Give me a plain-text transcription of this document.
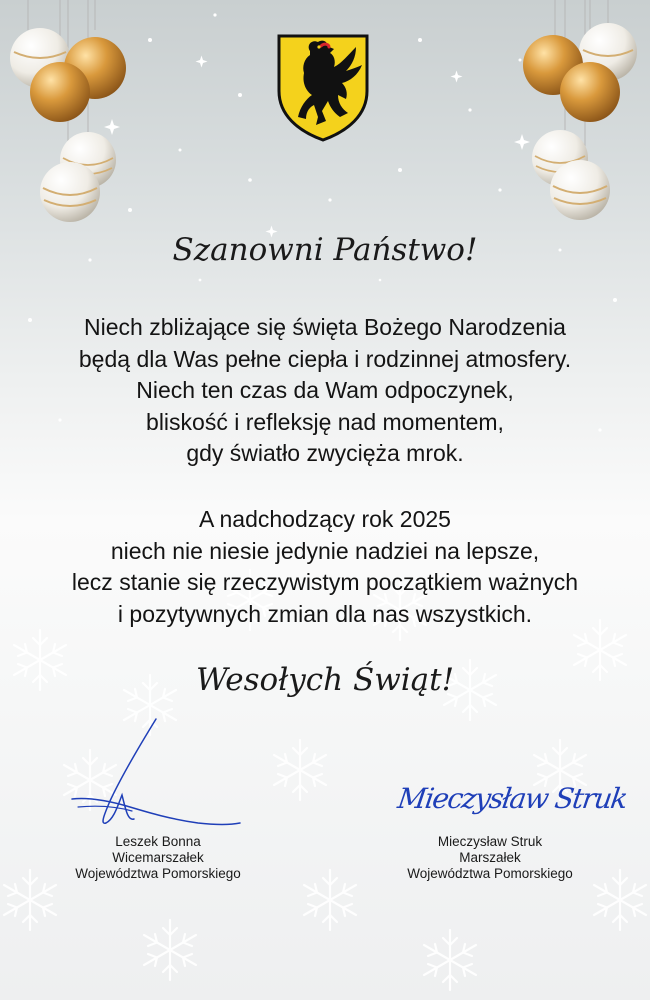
Szanowni Państwo!
Niech zbliżające się święta Bożego Narodzenia
będą dla Was pełne ciepła i rodzinnej atmosfery.
Niech ten czas da Wam odpoczynek,
bliskość i refleksję nad momentem,
gdy światło zwycięża mrok.
A nadchodzący rok 2025
niech nie niesie jedynie nadziei na lepsze,
lecz stanie się rzeczywistym początkiem ważnych
i pozytywnych zmian dla nas wszystkich.
Wesołych Świąt!
Mieczysław Struk
Leszek Bonna
Wicemarszałek
Województwa Pomorskiego
Mieczysław Struk
Marszałek
Województwa Pomorskiego
